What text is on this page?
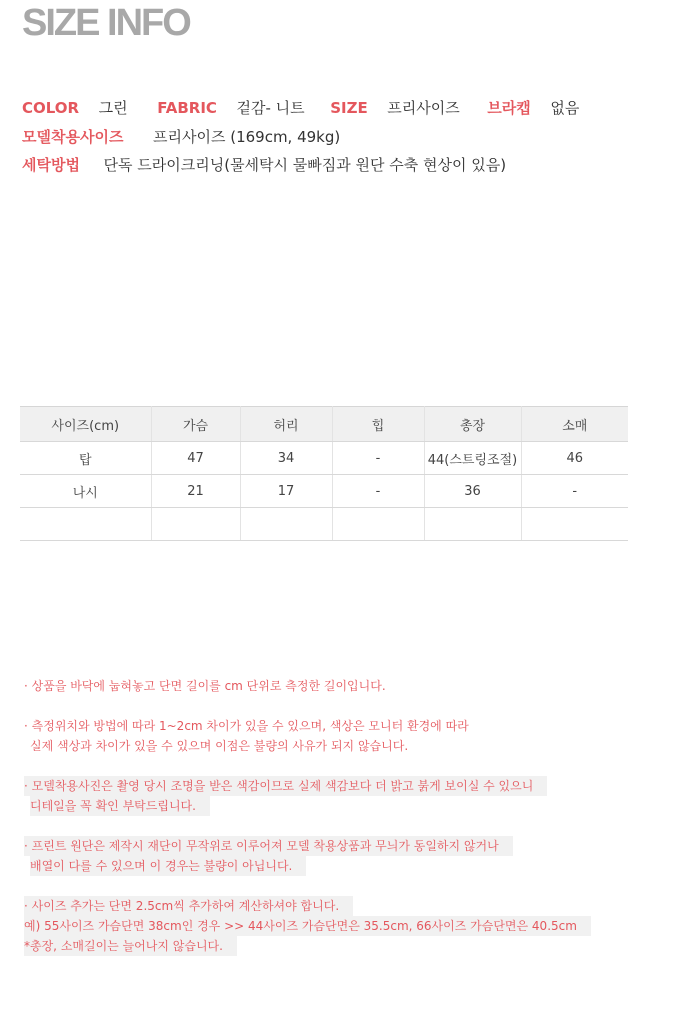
SIZE INFO
COLOR 그린 FABRIC 겉감- 니트 SIZE 프리사이즈 브라캡 없음
모델착용사이즈 프리사이즈 (169cm, 49kg)
세탁방법 단독 드라이크리닝(물세탁시 물빠짐과 원단 수축 현상이 있음)
사이즈(cm)	가슴	허리	힙	총장	소매
탑	47	34	-	44(스트링조절)	46
나시	21	17	-	36	-

· 상품을 바닥에 눕혀놓고 단면 길이를 cm 단위로 측정한 길이입니다.

· 측정위치와 방법에 따라 1~2cm 차이가 있을 수 있으며, 색상은 모니터 환경에 따라
실제 색상과 차이가 있을 수 있으며 이점은 불량의 사유가 되지 않습니다.

· 모델착용사진은 촬영 당시 조명을 받은 색감이므로 실제 색감보다 더 밝고 붉게 보이실 수 있으니
디테일을 꼭 확인 부탁드립니다.

· 프린트 원단은 제작시 재단이 무작위로 이루어져 모델 착용상품과 무늬가 동일하지 않거나
배열이 다를 수 있으며 이 경우는 불량이 아닙니다.

· 사이즈 추가는 단면 2.5cm씩 추가하여 계산하셔야 합니다.
예) 55사이즈 가슴단면 38cm인 경우 >> 44사이즈 가슴단면은 35.5cm, 66사이즈 가슴단면은 40.5cm
*총장, 소매길이는 늘어나지 않습니다.
